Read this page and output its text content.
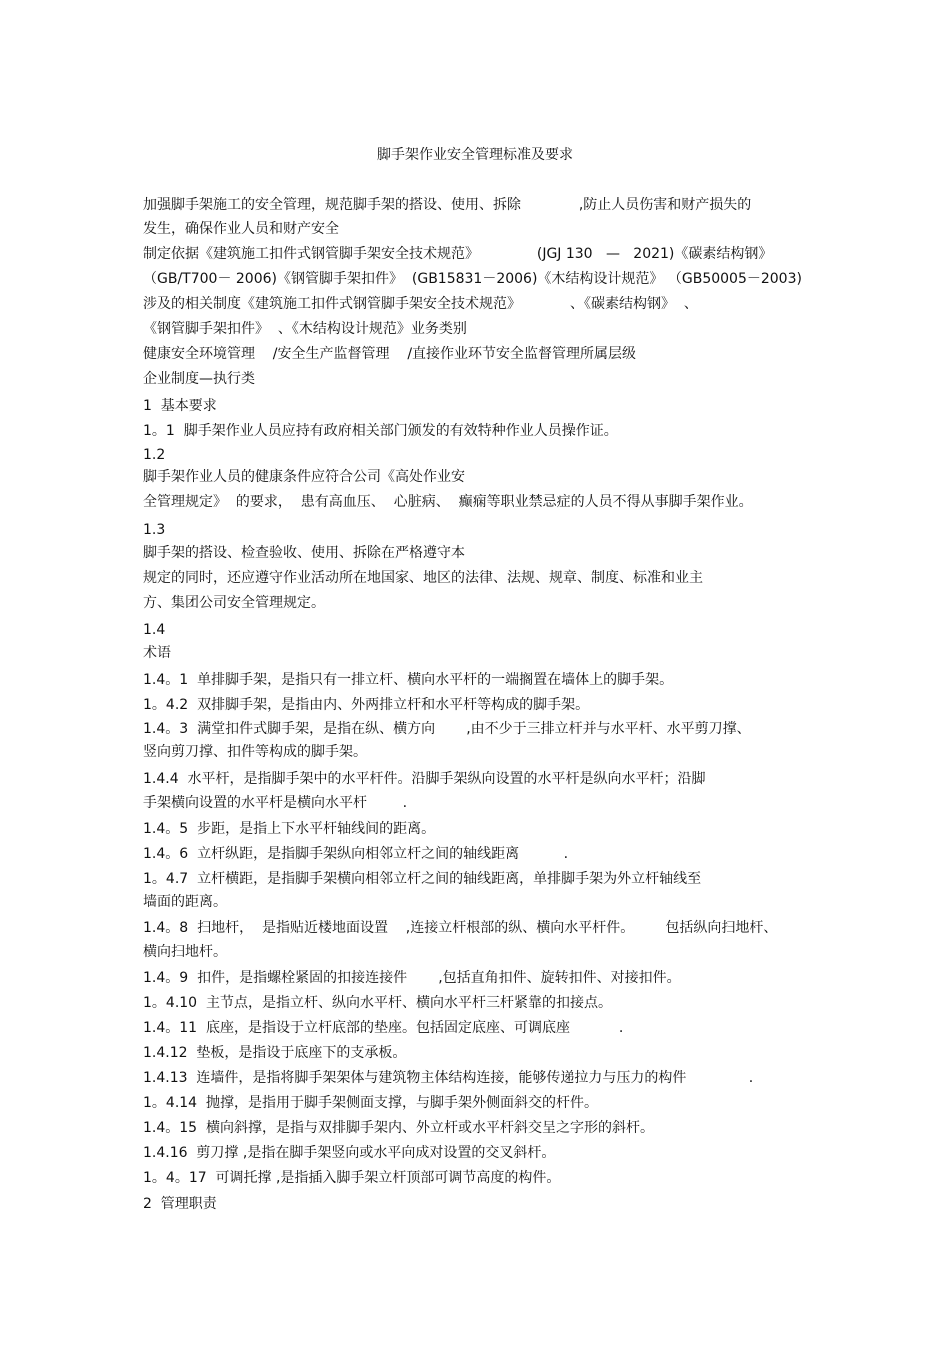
脚手架作业安全管理标准及要求
加强脚手架施工的安全管理，规范脚手架的搭设、使用、拆除             ,防止人员伤害和财产损失的
发生，确保作业人员和财产安全
制定依据《建筑施工扣件式钢管脚手架安全技术规范》             (JGJ 130   —   2021)《碳素结构钢》
（GB/T700－ 2006)《钢管脚手架扣件》  (GB15831－2006)《木结构设计规范》 （GB50005－2003)
涉及的相关制度《建筑施工扣件式钢管脚手架安全技术规范》           、《碳素结构钢》  、
《钢管脚手架扣件》  、《木结构设计规范》业务类别
健康安全环境管理    /安全生产监督管理    /直接作业环节安全监督管理所属层级
企业制度—执行类
1  基本要求
1。1  脚手架作业人员应持有政府相关部门颁发的有效特种作业人员操作证。
1.2
脚手架作业人员的健康条件应符合公司《高处作业安
全管理规定》  的要求，  患有高血压、  心脏病、  癫痫等职业禁忌症的人员不得从事脚手架作业。
1.3
脚手架的搭设、检查验收、使用、拆除在严格遵守本
规定的同时，还应遵守作业活动所在地国家、地区的法律、法规、规章、制度、标准和业主
方、集团公司安全管理规定。
1.4
术语
1.4。1  单排脚手架，是指只有一排立杆、横向水平杆的一端搁置在墙体上的脚手架。
1。4.2  双排脚手架，是指由内、外两排立杆和水平杆等构成的脚手架。
1.4。3  满堂扣件式脚手架，是指在纵、横方向       ,由不少于三排立杆并与水平杆、水平剪刀撑、
竖向剪刀撑、扣件等构成的脚手架。
1.4.4  水平杆，是指脚手架中的水平杆件。沿脚手架纵向设置的水平杆是纵向水平杆；沿脚
手架横向设置的水平杆是横向水平杆        .
1.4。5  步距，是指上下水平杆轴线间的距离。
1.4。6  立杆纵距，是指脚手架纵向相邻立杆之间的轴线距离          .
1。4.7  立杆横距，是指脚手架横向相邻立杆之间的轴线距离，单排脚手架为外立杆轴线至
墙面的距离。
1.4。8  扫地杆，  是指贴近楼地面设置    ,连接立杆根部的纵、横向水平杆件。       包括纵向扫地杆、
横向扫地杆。
1.4。9  扣件，是指螺栓紧固的扣接连接件       ,包括直角扣件、旋转扣件、对接扣件。
1。4.10  主节点，是指立杆、纵向水平杆、横向水平杆三杆紧靠的扣接点。
1.4。11  底座，是指设于立杆底部的垫座。包括固定底座、可调底座           .
1.4.12  垫板，是指设于底座下的支承板。
1.4.13  连墙件，是指将脚手架架体与建筑物主体结构连接，能够传递拉力与压力的构件              .
1。4.14  抛撑，是指用于脚手架侧面支撑，与脚手架外侧面斜交的杆件。
1.4。15  横向斜撑，是指与双排脚手架内、外立杆或水平杆斜交呈之字形的斜杆。
1.4.16  剪刀撑 ,是指在脚手架竖向或水平向成对设置的交叉斜杆。
1。4。17  可调托撑 ,是指插入脚手架立杆顶部可调节高度的构件。
2  管理职责
